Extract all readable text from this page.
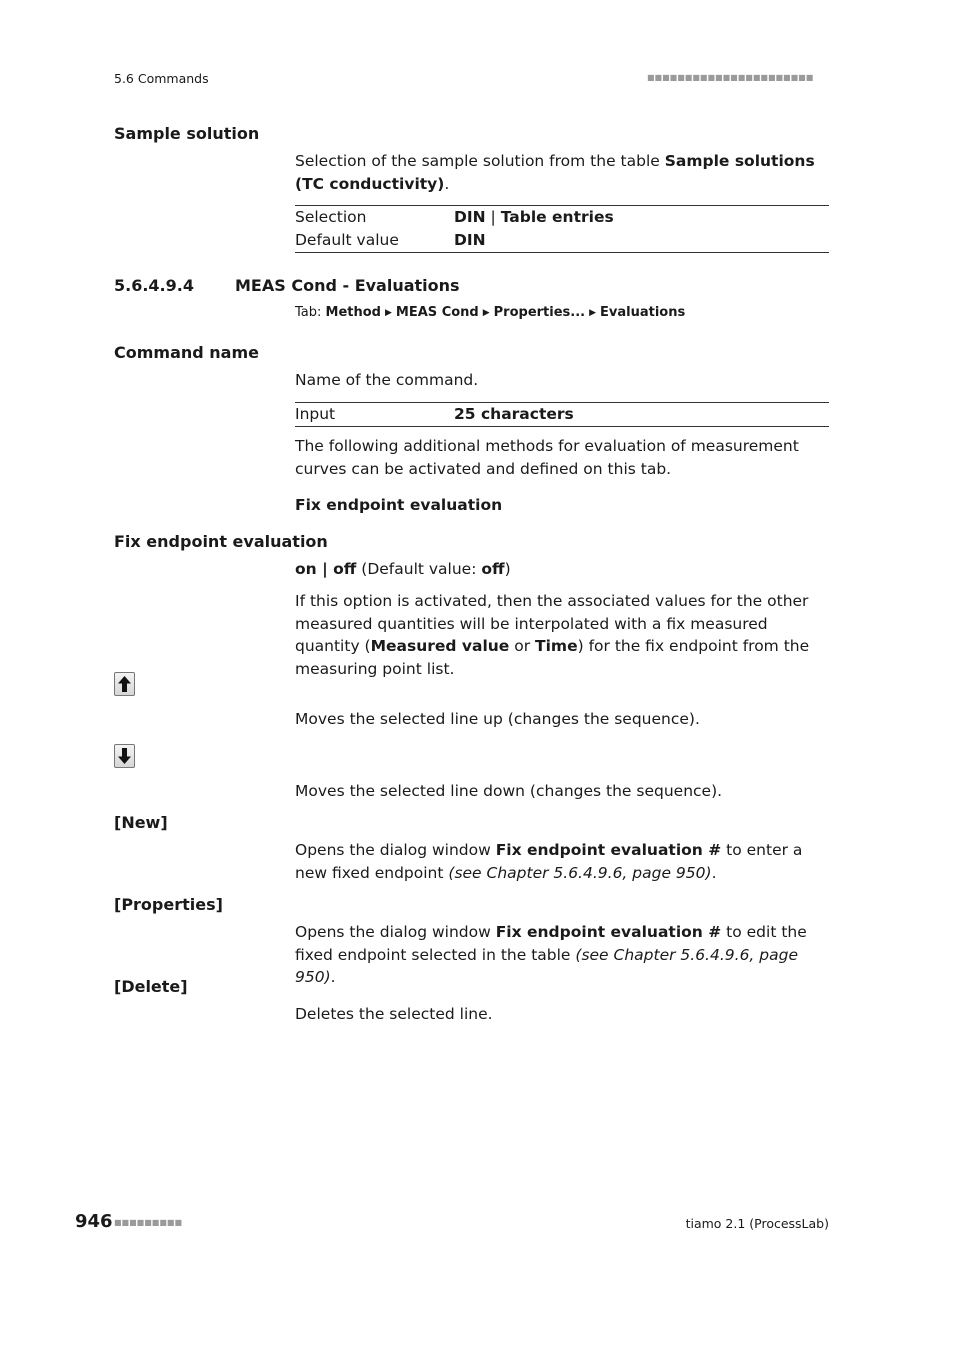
5.6 Commands	■■■■■■■■■■■■■■■■■■■■■■
Sample solution
Selection of the sample solution from the table Sample solutions (TC conductivity).
Selection	DIN | Table entries
Default value	DIN
5.6.4.9.4	MEAS Cond - Evaluations
Tab: Method ▶ MEAS Cond ▶ Properties... ▶ Evaluations
Command name
Name of the command.
Input	25 characters
The following additional methods for evaluation of measurement curves can be activated and defined on this tab.
Fix endpoint evaluation
Fix endpoint evaluation
on | off (Default value: off)
If this option is activated, then the associated values for the other measured quantities will be interpolated with a fix measured quantity (Measured value or Time) for the fix endpoint from the measuring point list.
Moves the selected line up (changes the sequence).
Moves the selected line down (changes the sequence).
[New]
Opens the dialog window Fix endpoint evaluation # to enter a new fixed endpoint (see Chapter 5.6.4.9.6, page 950).
[Properties]
Opens the dialog window Fix endpoint evaluation # to edit the fixed endpoint selected in the table (see Chapter 5.6.4.9.6, page 950).
[Delete]
Deletes the selected line.
946 ■■■■■■■■■	tiamo 2.1 (ProcessLab)
